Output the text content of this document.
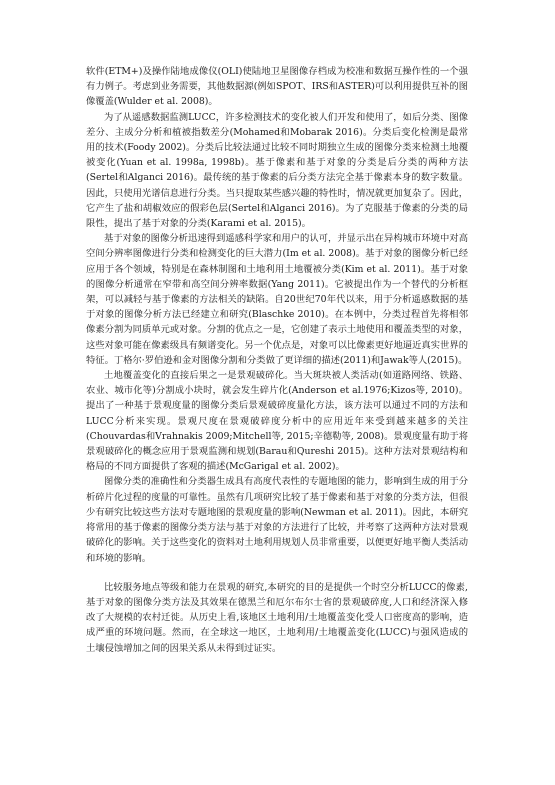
软件(ETM+)及操作陆地成像仪(OLI)使陆地卫星图像存档成为校准和数据互操作性的一个强有力例子。考虑到业务需要，其他数据源(例如SPOT、IRS和ASTER)可以利用提供互补的图像覆盖(Wulder et al. 2008)。

为了从遥感数据监测LUCC，许多检测技术的变化被人们开发和使用了，如后分类、图像差分、主成分分析和植被指数差分(Mohamed和Mobarak 2016)。分类后变化检测是最常用的技术(Foody 2002)。分类后比较法通过比较不同时期独立生成的图像分类来检测土地覆被变化(Yuan et al. 1998a, 1998b)。基于像素和基于对象的分类是后分类的两种方法(Sertel和Alganci 2016)。最传统的基于像素的后分类方法完全基于像素本身的数字数量。因此，只使用光谱信息进行分类。当只提取某些感兴趣的特性时，情况就更加复杂了。因此，它产生了盐和胡椒效应的假彩色层(Sertel和Alganci 2016)。为了克服基于像素的分类的局限性，提出了基于对象的分类(Karami et al. 2015)。

基于对象的图像分析迅速得到遥感科学家和用户的认可，并显示出在异构城市环境中对高空间分辨率图像进行分类和检测变化的巨大潜力(Im et al. 2008)。基于对象的图像分析已经应用于各个领域，特别是在森林制图和土地利用土地覆被分类(Kim et al. 2011)。基于对象的图像分析通常在窄带和高空间分辨率数据(Yang 2011)。它被提出作为一个替代的分析框架，可以减轻与基于像素的方法相关的缺陷。自20世纪70年代以来，用于分析遥感数据的基于对象的图像分析方法已经建立和研究(Blaschke 2010)。在本例中，分类过程首先将相邻像素分割为同质单元或对象。分割的优点之一是，它创建了表示土地使用和覆盖类型的对象，这些对象可能在像素级具有频谱变化。另一个优点是，对象可以比像素更好地逼近真实世界的特征。丁格尔·罗伯逊和金对图像分割和分类做了更详细的描述(2011)和Jawak等人(2015)。

土地覆盖变化的直接后果之一是景观破碎化。当大斑块被人类活动(如道路网络、铁路、农业、城市化等)分割成小块时，就会发生碎片化(Anderson et al.1976;Kizos等, 2010)。提出了一种基于景观度量的图像分类后景观破碎度量化方法，该方法可以通过不同的方法和LUCC分析来实现。景观尺度在景观破碎度分析中的应用近年来受到越来越多的关注(Chouvardas和Vrahnakis 2009;Mitchell等, 2015;辛德勒等, 2008)。景观度量有助于将景观破碎化的概念应用于景观监测和规划(Barau和Qureshi 2015)。这种方法对景观结构和格局的不同方面提供了客观的描述(McGarigal et al. 2002)。

图像分类的准确性和分类器生成具有高度代表性的专题地图的能力，影响到生成的用于分析碎片化过程的度量的可靠性。虽然有几项研究比较了基于像素和基于对象的分类方法，但很少有研究比较这些方法对专题地图的景观度量的影响(Newman et al. 2011)。因此，本研究将常用的基于像素的图像分类方法与基于对象的方法进行了比较，并考察了这两种方法对景观破碎化的影响。关于这些变化的资料对土地利用规划人员非常重要，以便更好地平衡人类活动和环境的影响。

比较服务地点等级和能力在景观的研究,本研究的目的是提供一个时空分析LUCC的像素,基于对象的图像分类方法及其效果在德黑兰和厄尔布尔士省的景观破碎度,人口和经济深入修改了大规模的农村迁徙。从历史上看,该地区土地利用/土地覆盖变化受人口密度高的影响，造成严重的环境问题。然而，在全球这一地区，土地利用/土地覆盖变化(LUCC)与强风造成的土壤侵蚀增加之间的因果关系从未得到过证实。
